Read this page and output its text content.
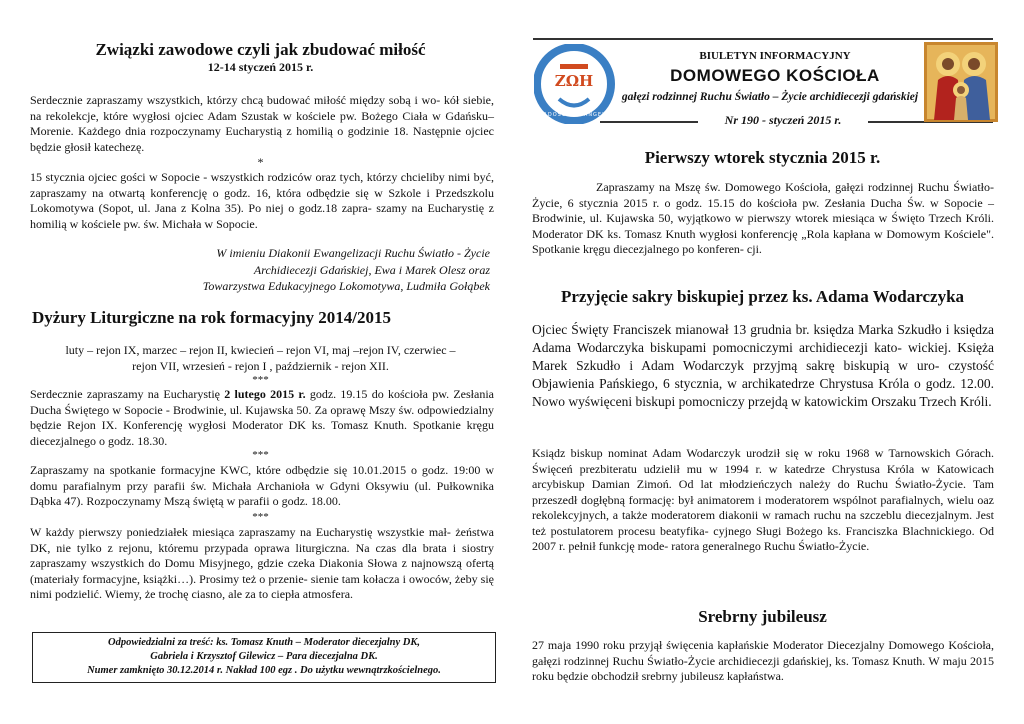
Związki zawodowe czyli jak zbudować miłość

12-14 styczeń 2015 r.

Serdecznie zapraszamy wszystkich, którzy chcą budować miłość między sobą i wo- kół siebie, na rekolekcje, które wygłosi ojciec Adam Szustak w kościele pw. Bożego Ciała w Gdańsku–Morenie. Każdego dnia rozpoczynamy Eucharystią z homilią o godzinie 18. Następnie ojciec będzie głosił katechezę.

*

15 stycznia ojciec gości w Sopocie - wszystkich rodziców oraz tych, którzy chcieliby nimi być, zapraszamy na otwartą konferencję o godz. 16, która odbędzie się w Szkole i Przedszkolu Lokomotywa (Sopot, ul. Jana z Kolna 35). Po niej o godz.18 zapra- szamy na Eucharystię z homilią w kościele pw. św. Michała w Sopocie.

W imieniu Diakonii Ewangelizacji Ruchu Światło - Życie

Archidiecezji Gdańskiej, Ewa i Marek Olesz oraz

Towarzystwa Edukacyjnego Lokomotywa, Ludmiła Gołąbek

Dyżury Liturgiczne na rok formacyjny 2014/2015

luty – rejon IX, marzec – rejon II, kwiecień – rejon VI, maj –rejon IV, czerwiec –

rejon VII, wrzesień - rejon I , październik - rejon XII.

***

Serdecznie zapraszamy na Eucharystię 2 lutego 2015 r. godz. 19.15 do kościoła pw. Zesłania Ducha Świętego w Sopocie - Brodwinie, ul. Kujawska 50. Za oprawę Mszy św. odpowiedzialny będzie Rejon IX. Konferencję wygłosi Moderator DK ks. Tomasz Knuth. Spotkanie kręgu diecezjalnego o godz. 18.30.

***

Zapraszamy na spotkanie formacyjne KWC, które odbędzie się 10.01.2015 o godz. 19:00 w domu parafialnym przy parafii św. Michała Archanioła w Gdyni Oksywiu (ul. Pułkownika Dąbka 47). Rozpoczynamy Mszą świętą w parafii o godz. 18.00.

***

W każdy pierwszy poniedziałek miesiąca zapraszamy na Eucharystię wszystkie mał- żeństwa DK, nie tylko z rejonu, któremu przypada oprawa liturgiczna. Na czas dla brata i siostry zapraszamy wszystkich do Domu Misyjnego, gdzie czeka Diakonia Słowa z najnowszą ofertą (materiały formacyjne, książki…). Prosimy też o przenie- sienie tam kołacza i owoców, żeby się nimi podzielić. Wiemy, że trochę ciasno, ale za to ciepła atmosfera.

Odpowiedzialni za treść: ks. Tomasz Knuth – Moderator diecezjalny DK,
Gabriela i Krzysztof Gilewicz – Para diecezjalna DK.
Numer zamknięto 30.12.2014 r. Nakład 100 egz . Do użytku wewnątrzkościelnego.
ZΩH
RADOŚĆ · EWANGELII
BIULETYN INFORMACYJNY
DOMOWEGO KOŚCIOŁA
gałęzi rodzinnej Ruchu Światło – Życie archidiecezji gdańskiej
Nr 190 - styczeń 2015 r.
Pierwszy wtorek stycznia 2015 r.

Zapraszamy na Mszę św. Domowego Kościoła, gałęzi rodzinnej Ruchu Światło-Życie, 6 stycznia 2015 r. o godz. 15.15 do kościoła pw. Zesłania Ducha Św. w Sopocie –Brodwinie, ul. Kujawska 50, wyjątkowo w pierwszy wtorek miesiąca w Święto Trzech Króli. Moderator DK ks. Tomasz Knuth wygłosi konferencję „Rola kapłana w Domowym Kościele". Spotkanie kręgu diecezjalnego po konferen- cji.

Przyjęcie sakry biskupiej przez ks. Adama Wodarczyka

Ojciec Święty Franciszek mianował 13 grudnia br. księdza Marka Szkudło i księdza Adama Wodarczyka biskupami pomocniczymi archidiecezji kato- wickiej. Księża Marek Szkudło i Adam Wodarczyk przyjmą sakrę biskupią w uro- czystość Objawienia Pańskiego, 6 stycznia, w archikatedrze Chrystusa Króla o godz. 12.00. Nowo wyświęceni biskupi pomocniczy przejdą w katowickim Orszaku Trzech Króli.

Ksiądz biskup nominat Adam Wodarczyk urodził się w roku 1968 w Tarnowskich Górach. Święceń prezbiteratu udzielił mu w 1994 r. w katedrze Chrystusa Króla w Katowicach arcybiskup Damian Zimoń. Od lat młodzieńczych należy do Ruchu Światło-Życie. Tam przeszedł dogłębną formację: był animatorem i moderatorem wspólnot parafialnych, wielu oaz rekolekcyjnych, a także moderatorem diakonii w ramach ruchu na szczeblu diecezjalnym. Jest też postulatorem procesu beatyfika- cyjnego Sługi Bożego ks. Franciszka Blachnickiego. Od 2007 r. pełnił funkcję mode- ratora generalnego Ruchu Światło-Życie.

Srebrny jubileusz

27 maja 1990 roku przyjął święcenia kapłańskie Moderator Diecezjalny Domowego Kościoła, gałęzi rodzinnej Ruchu Światło-Życie archidiecezji gdańskiej, ks. Tomasz Knuth. W maju 2015 roku będzie obchodził srebrny jubileusz kapłaństwa.
